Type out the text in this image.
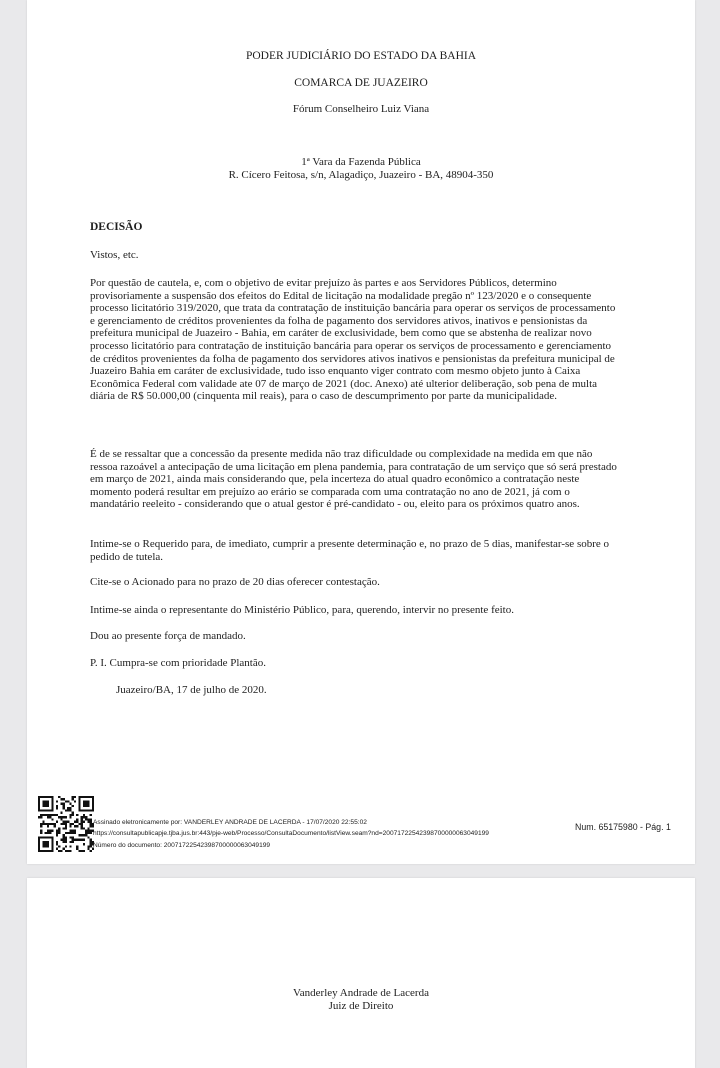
PODER JUDICIÁRIO DO ESTADO DA BAHIA
COMARCA DE JUAZEIRO
Fórum Conselheiro Luiz Viana
1ª Vara da Fazenda Pública
R. Cícero Feitosa, s/n, Alagadiço, Juazeiro - BA, 48904-350
DECISÃO

Vistos, etc.

Por questão de cautela, e, com o objetivo de evitar prejuízo às partes e aos Servidores Públicos, determino provisoriamente a suspensão dos efeitos do Edital de licitação na modalidade pregão nº 123/2020 e o consequente processo licitatório 319/2020, que trata da contratação de instituição bancária para operar os serviços de processamento e gerenciamento de créditos provenientes da folha de pagamento dos servidores ativos, inativos e pensionistas da prefeitura municipal de Juazeiro - Bahia, em caráter de exclusividade, bem como que se abstenha de realizar novo processo licitatório para contratação de instituição bancária para operar os serviços de processamento e gerenciamento de créditos provenientes da folha de pagamento dos servidores ativos inativos e pensionistas da prefeitura municipal de Juazeiro Bahia em caráter de exclusividade, tudo isso enquanto viger contrato com mesmo objeto junto à Caixa Econômica Federal com validade ate 07 de março de 2021 (doc. Anexo) até ulterior deliberação, sob pena de multa diária de R$ 50.000,00 (cinquenta mil reais), para o caso de descumprimento por parte da municipalidade.

É de se ressaltar que a concessão da presente medida não traz dificuldade ou complexidade na medida em que não ressoa razoável a antecipação de uma licitação em plena pandemia, para contratação de um serviço que só será prestado em março de 2021, ainda mais considerando que, pela incerteza do atual quadro econômico a contratação neste momento poderá resultar em prejuízo ao erário se comparada com uma contratação no ano de 2021, já com o mandatário reeleito - considerando que o atual gestor é pré-candidato - ou, eleito para os próximos quatro anos.

Intime-se o Requerido para, de imediato, cumprir a presente determinação e, no prazo de 5 dias, manifestar-se sobre o pedido de tutela.

Cite-se o Acionado para no prazo de 20 dias oferecer contestação.

Intime-se ainda o representante do Ministério Público, para, querendo, intervir no presente feito.

Dou ao presente força de mandado.

P. I. Cumpra-se com prioridade Plantão.

Juazeiro/BA, 17 de julho de 2020.
Assinado eletronicamente por: VANDERLEY ANDRADE DE LACERDA - 17/07/2020 22:55:02
https://consultapublicapje.tjba.jus.br:443/pje-web/Processo/ConsultaDocumento/listView.seam?nd=20071722542398700000063049199
Número do documento: 20071722542398700000063049199
Num. 65175980 - Pág. 1
Vanderley Andrade de Lacerda
Juiz de Direito
